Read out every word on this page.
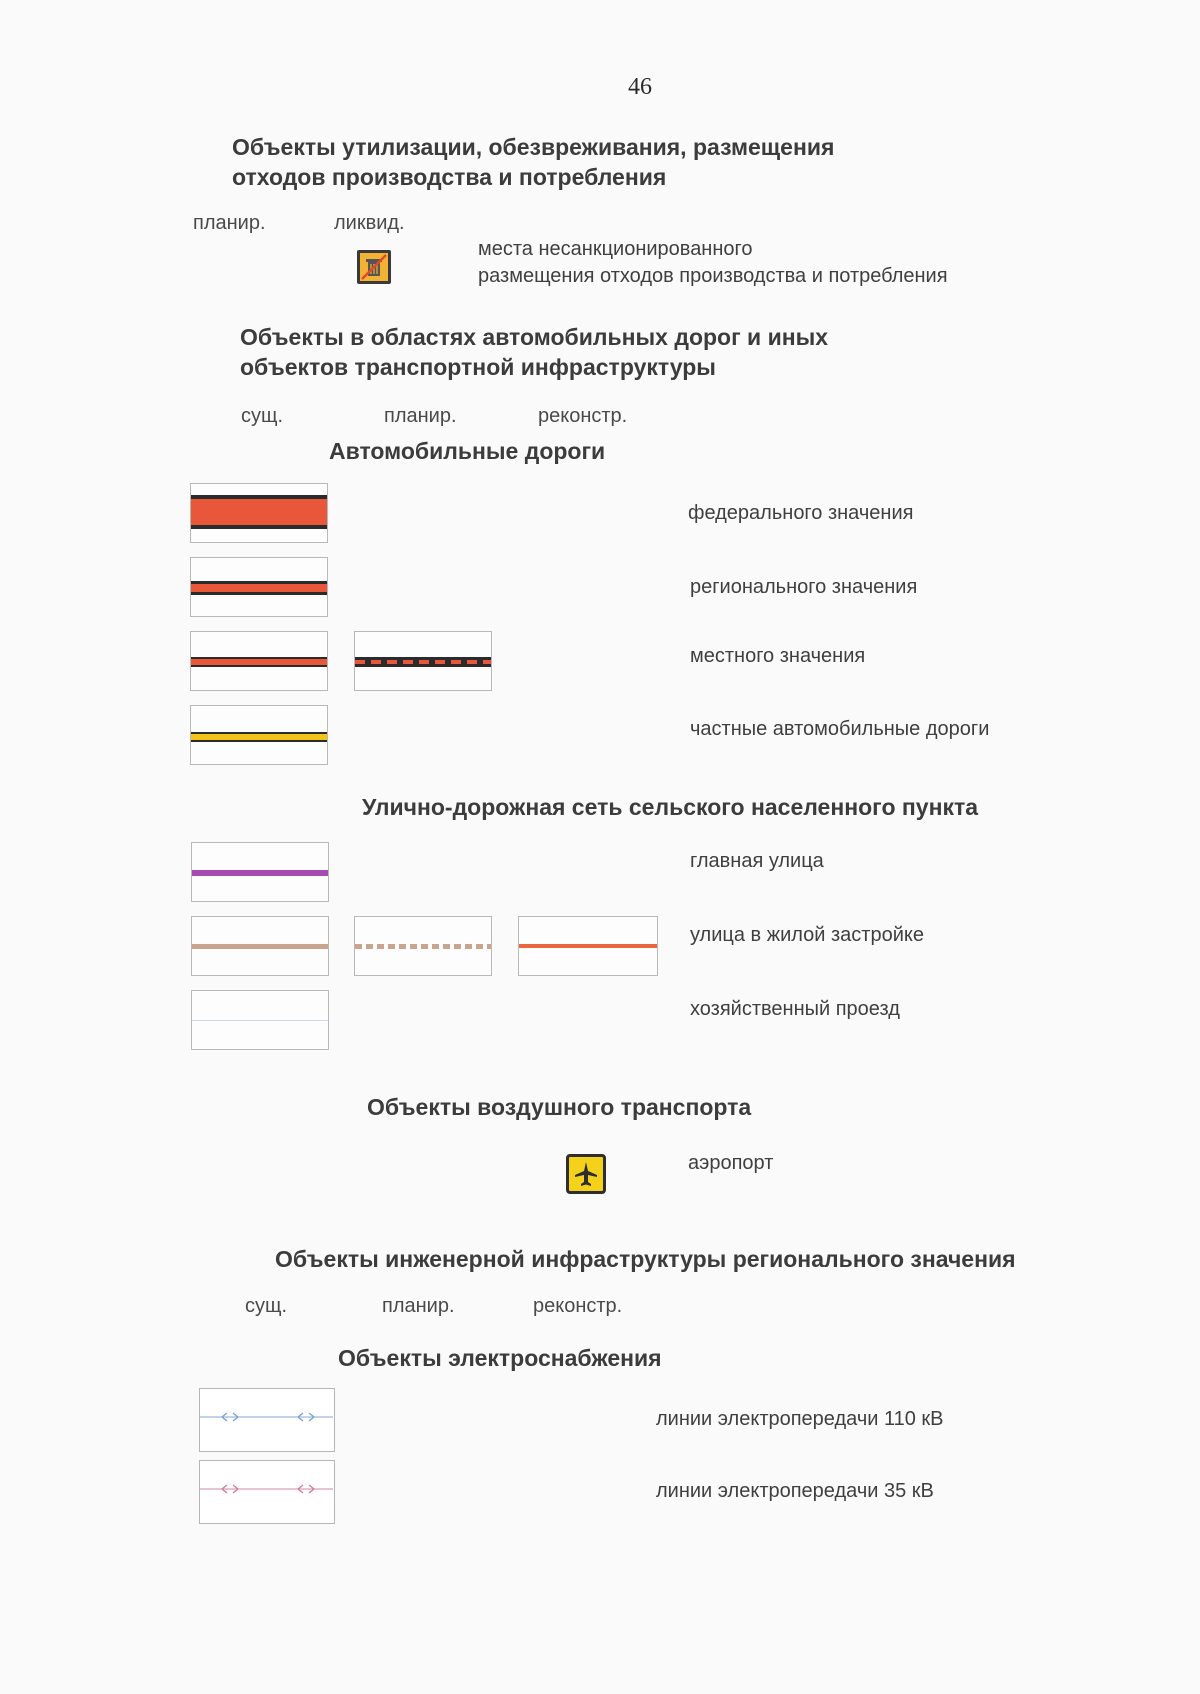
46
Объекты утилизации, обезвреживания, размещения
отходов производства и потребления
планир.	ликвид.
места несанкционированного
размещения отходов производства и потребления
Объекты в областях автомобильных дорог и иных
объектов транспортной инфраструктуры
сущ.	планир.	реконстр.
Автомобильные дороги
федерального значения
регионального значения
местного значения
частные автомобильные дороги
Улично-дорожная сеть сельского населенного пункта
главная улица
улица в жилой застройке
хозяйственный проезд
Объекты воздушного транспорта
аэропорт
Объекты инженерной инфраструктуры регионального значения
сущ.	планир.	реконстр.
Объекты электроснабжения
линии электропередачи 110 кВ
линии электропередачи 35 кВ
